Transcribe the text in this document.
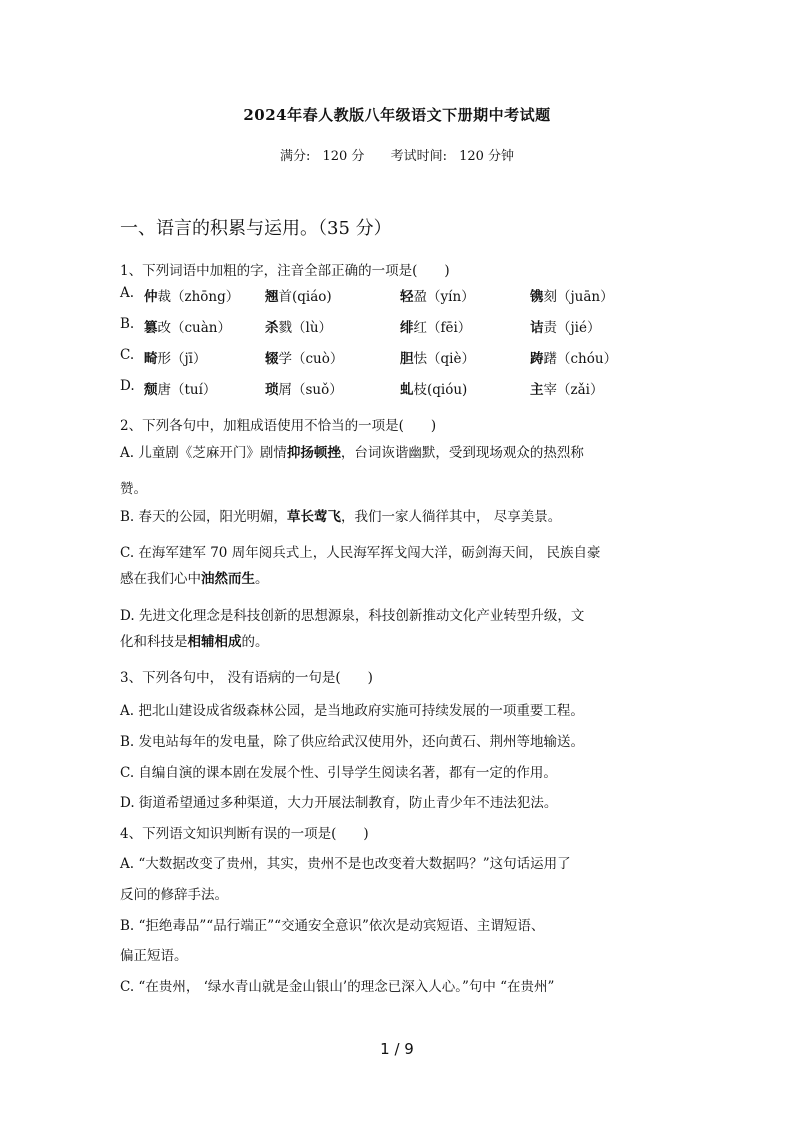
2024年春人教版八年级语文下册期中考试题
满分: 120 分 考试时间: 120 分钟
一、语言的积累与运用。（35 分）
1、下列词语中加粗的字，注音全部正确的一项是(　　)
A. 仲裁（zhōng） 翘首(qiáo)	轻盈（yín）	镌刻（juān）
B. 篡改（cuàn）	杀戮（lù）	绯红（fēi）	诘责（jié）
C. 畸形（jī）	辍学（cuò）	胆怯（qiè）	踌躇（chóu）
D. 颓唐（tuí）	琐屑（suǒ）	虬枝(qióu)	主宰（zǎi）
2、下列各句中，加粗成语使用不恰当的一项是(　　)
A. 儿童剧《芝麻开门》剧情抑扬顿挫，台词诙谐幽默，受到现场观众的热烈称
赞。
B. 春天的公园，阳光明媚，草长莺飞，我们一家人徜徉其中， 尽享美景。
C. 在海军建军 70 周年阅兵式上，人民海军挥戈闯大洋，砺剑海天间， 民族自豪
感在我们心中油然而生。
D. 先进文化理念是科技创新的思想源泉，科技创新推动文化产业转型升级，文
化和科技是相辅相成的。
3、下列各句中， 没有语病的一句是(　　)
A. 把北山建设成省级森林公园，是当地政府实施可持续发展的一项重要工程。
B. 发电站每年的发电量，除了供应给武汉使用外，还向黄石、荆州等地输送。
C. 自编自演的课本剧在发展个性、引导学生阅读名著，都有一定的作用。
D. 街道希望通过多种渠道，大力开展法制教育，防止青少年不违法犯法。
4、下列语文知识判断有误的一项是(　　)
A. “大数据改变了贵州，其实，贵州不是也改变着大数据吗？”这句话运用了
反问的修辞手法。
B. “拒绝毒品”“品行端正”“交通安全意识”依次是动宾短语、主谓短语、
偏正短语。
C. “在贵州， ‘绿水青山就是金山银山’的理念已深入人心。”句中 “在贵州”
1 / 9
